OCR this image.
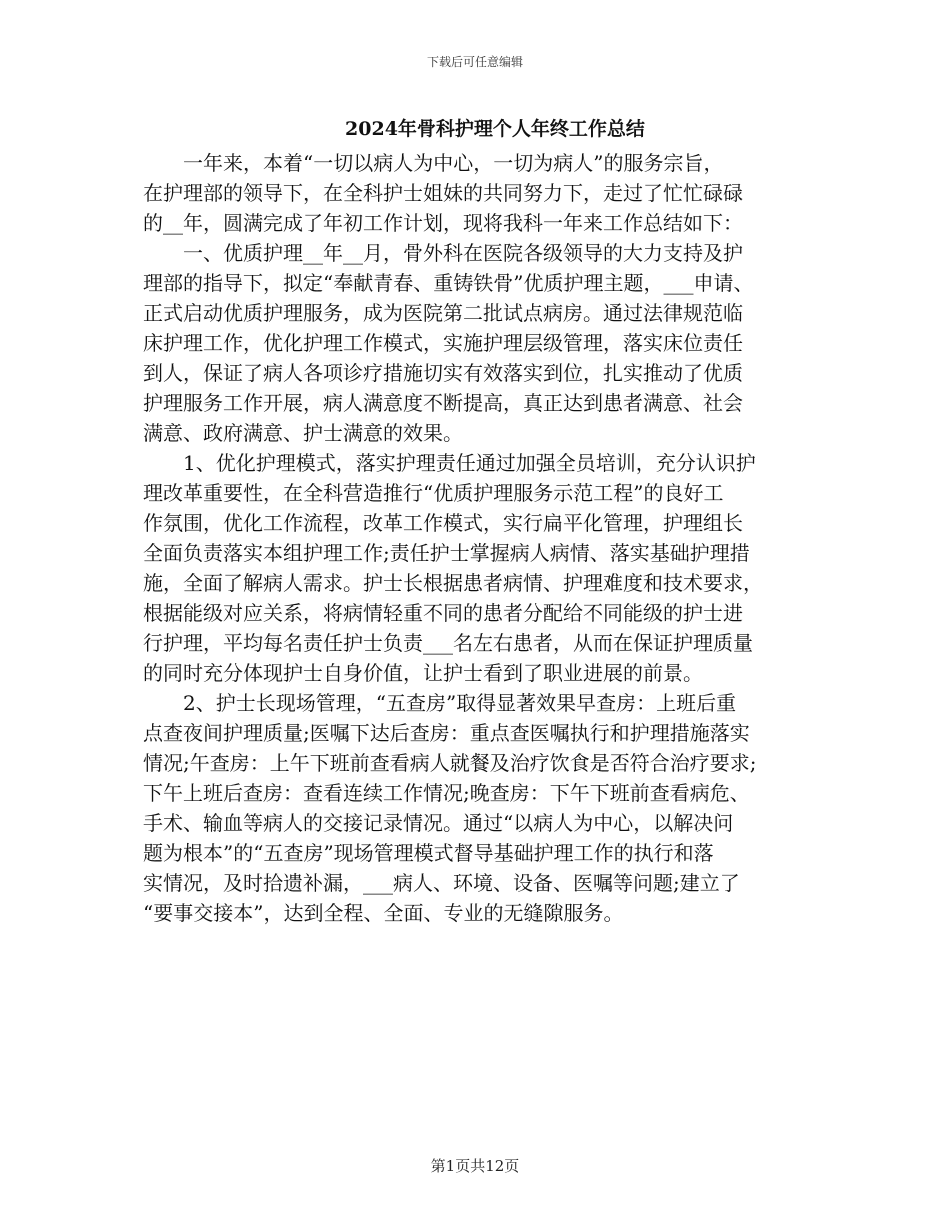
下载后可任意编辑
2024年骨科护理个人年终工作总结

一年来，本着“一切以病人为中心，一切为病人”的服务宗旨，
在护理部的领导下，在全科护士姐妹的共同努力下，走过了忙忙碌碌
的__年，圆满完成了年初工作计划，现将我科一年来工作总结如下：

一、优质护理__年__月，骨外科在医院各级领导的大力支持及护
理部的指导下，拟定“奉献青春、重铸铁骨”优质护理主题，___申请、
正式启动优质护理服务，成为医院第二批试点病房。通过法律规范临
床护理工作，优化护理工作模式，实施护理层级管理，落实床位责任
到人，保证了病人各项诊疗措施切实有效落实到位，扎实推动了优质
护理服务工作开展，病人满意度不断提高，真正达到患者满意、社会
满意、政府满意、护士满意的效果。

1、优化护理模式，落实护理责任通过加强全员培训，充分认识护
理改革重要性，在全科营造推行“优质护理服务示范工程”的良好工
作氛围，优化工作流程，改革工作模式，实行扁平化管理，护理组长
全面负责落实本组护理工作;责任护士掌握病人病情、落实基础护理措
施，全面了解病人需求。护士长根据患者病情、护理难度和技术要求，
根据能级对应关系，将病情轻重不同的患者分配给不同能级的护士进
行护理，平均每名责任护士负责___名左右患者，从而在保证护理质量
的同时充分体现护士自身价值，让护士看到了职业进展的前景。

2、护士长现场管理，“五查房”取得显著效果早查房：上班后重
点查夜间护理质量;医嘱下达后查房：重点查医嘱执行和护理措施落实
情况;午查房：上午下班前查看病人就餐及治疗饮食是否符合治疗要求;
下午上班后查房：查看连续工作情况;晚查房：下午下班前查看病危、
手术、输血等病人的交接记录情况。通过“以病人为中心，以解决问
题为根本”的“五查房”现场管理模式督导基础护理工作的执行和落
实情况，及时拾遗补漏，___病人、环境、设备、医嘱等问题;建立了
“要事交接本”，达到全程、全面、专业的无缝隙服务。

第1页共12页
